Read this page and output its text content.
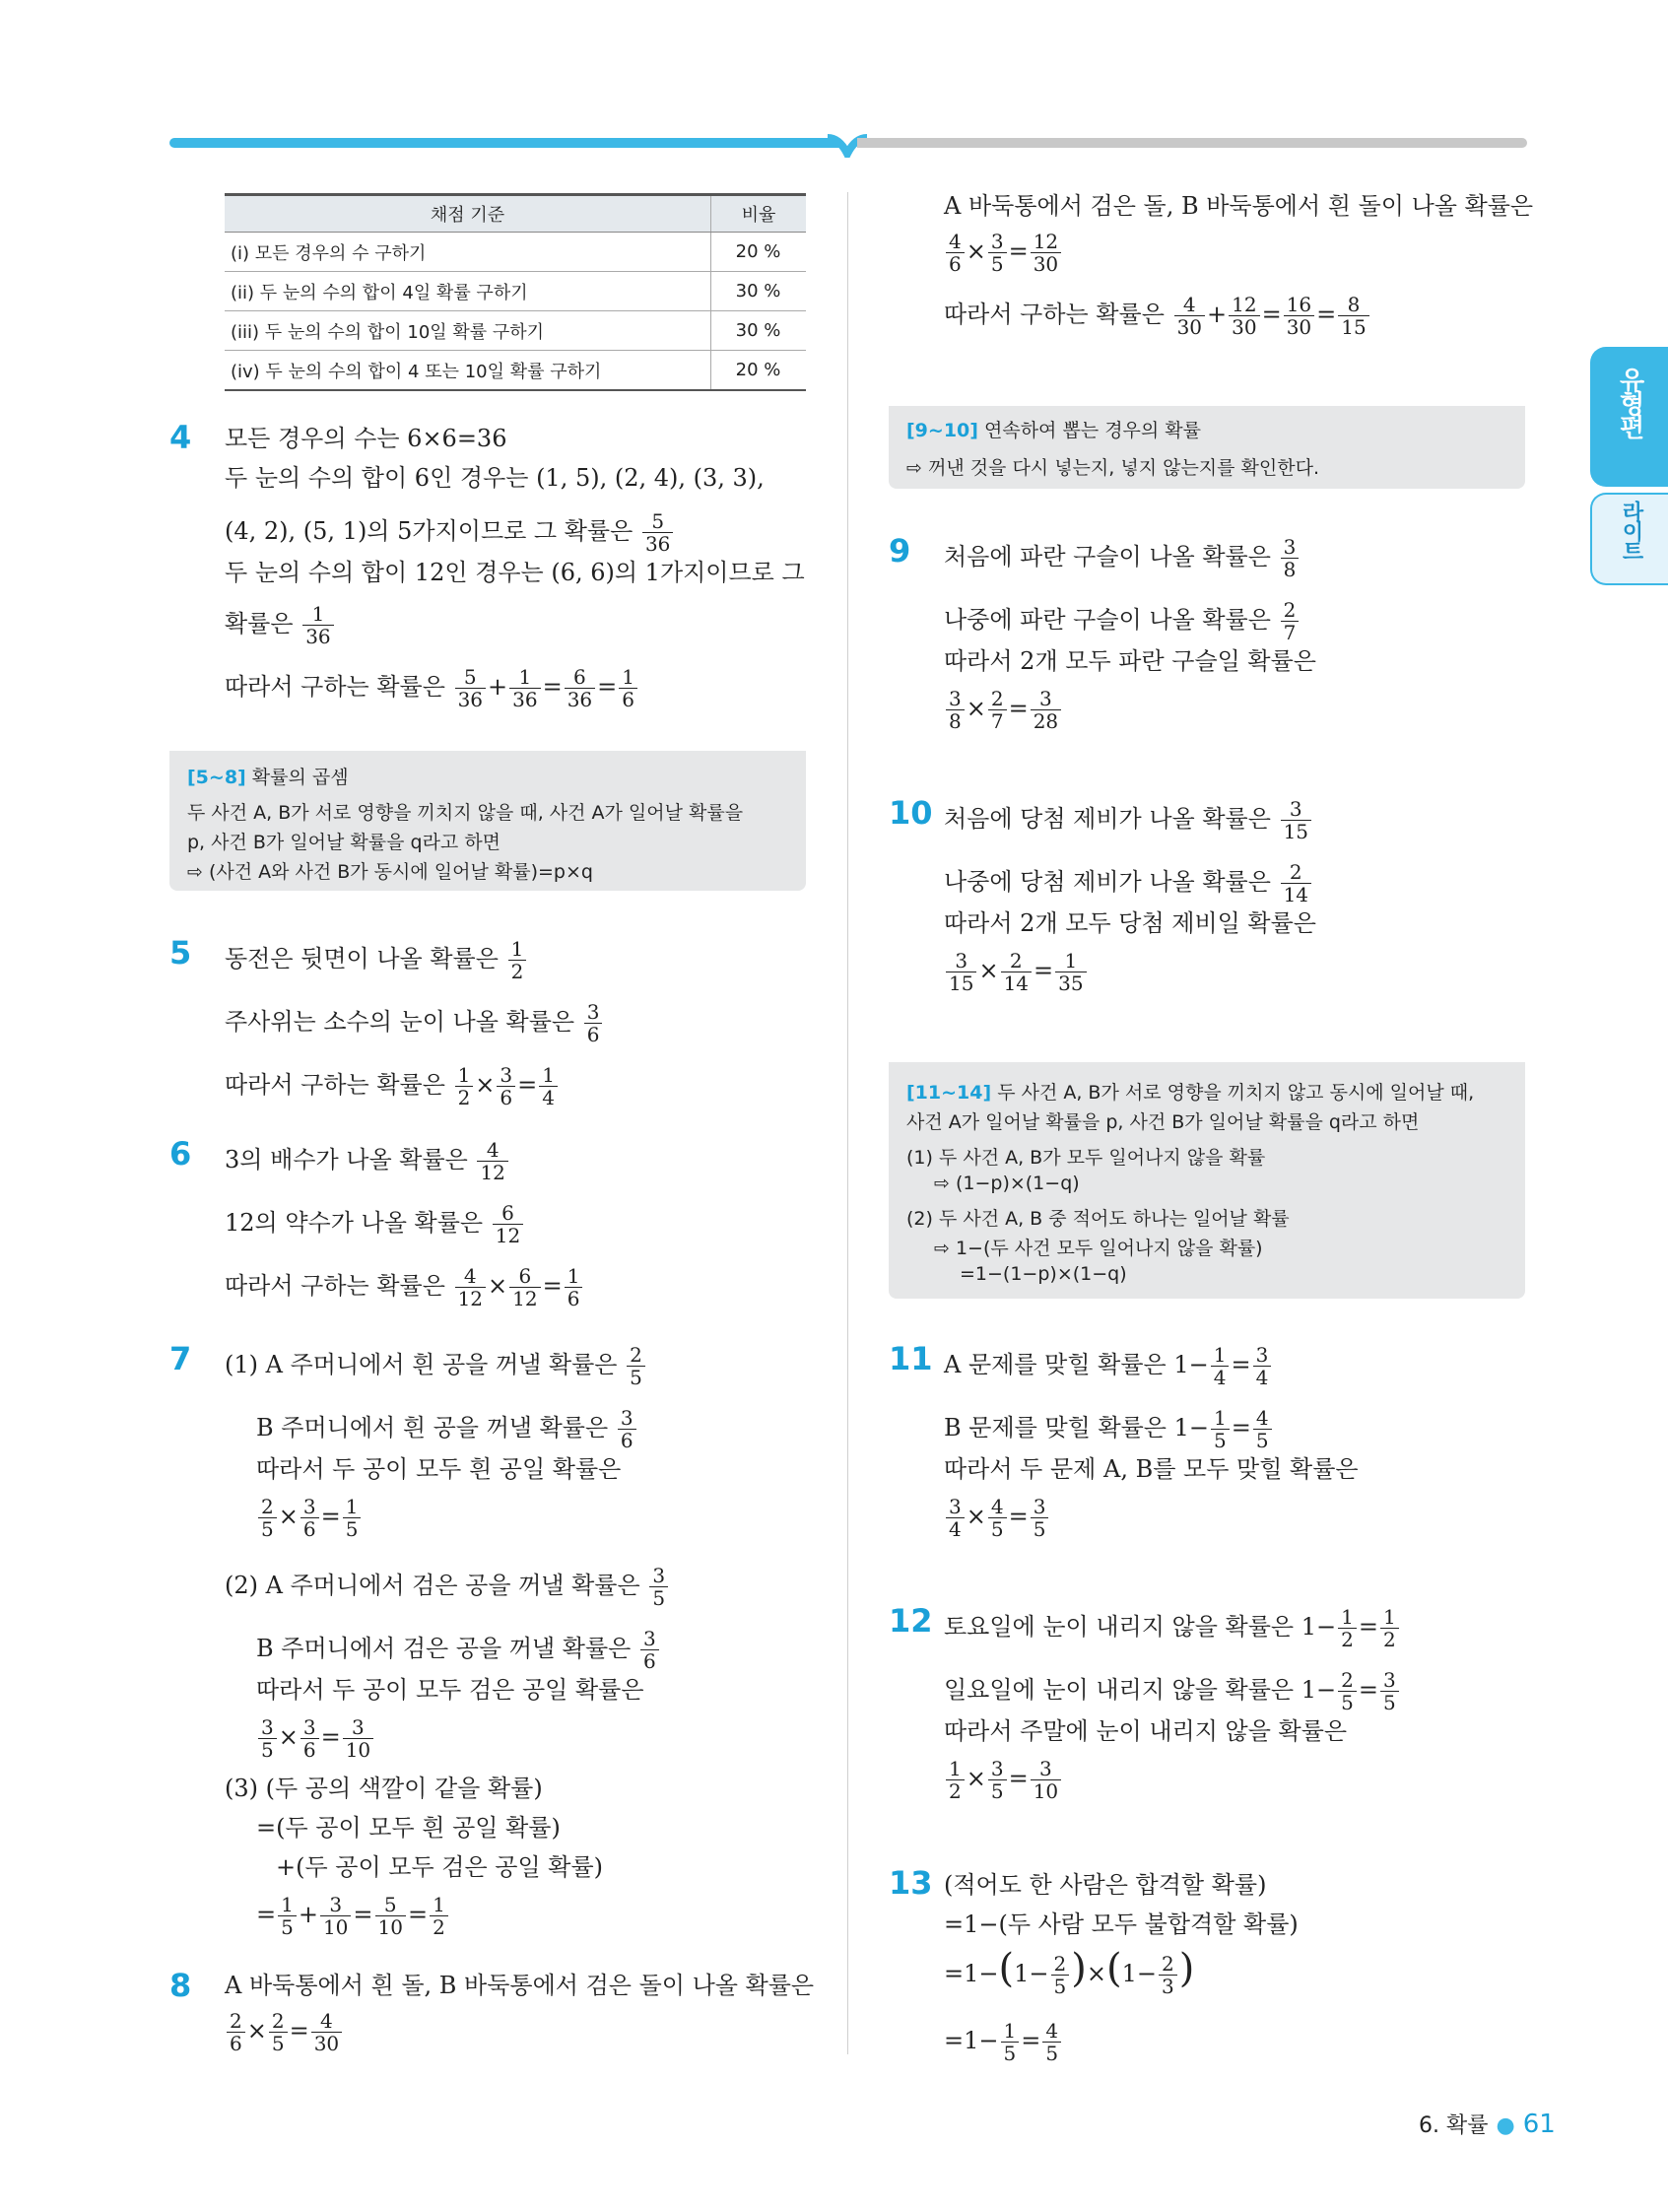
유형편
라이트
채점 기준	비율
(i) 모든 경우의 수 구하기	20 %
(ii) 두 눈의 수의 합이 4일 확률 구하기	30 %
(iii) 두 눈의 수의 합이 10일 확률 구하기	30 %
(iv) 두 눈의 수의 합이 4 또는 10일 확률 구하기	20 %
4 모든 경우의 수는 6×6=36
두 눈의 수의 합이 6인 경우는 (1, 5), (2, 4), (3, 3),
(4, 2), (5, 1)의 5가지이므로 그 확률은 $\frac{5}{36}$
두 눈의 수의 합이 12인 경우는 (6, 6)의 1가지이므로 그
확률은 $\frac{1}{36}$
따라서 구하는 확률은 $\frac{5}{36} + \frac{1}{36} = \frac{6}{36} = \frac{1}{6}$
[5~8] 확률의 곱셈
두 사건 A, B가 서로 영향을 끼치지 않을 때, 사건 A가 일어날 확률을
p, 사건 B가 일어날 확률을 q라고 하면
⇨ (사건 A와 사건 B가 동시에 일어날 확률)=p×q
5 동전은 뒷면이 나올 확률은 $\frac{1}{2}$
주사위는 소수의 눈이 나올 확률은 $\frac{3}{6}$
따라서 구하는 확률은 $\frac{1}{2} \times \frac{3}{6} = \frac{1}{4}$
6 3의 배수가 나올 확률은 $\frac{4}{12}$
12의 약수가 나올 확률은 $\frac{6}{12}$
따라서 구하는 확률은 $\frac{4}{12} \times \frac{6}{12} = \frac{1}{6}$
7 (1) A 주머니에서 흰 공을 꺼낼 확률은 $\frac{2}{5}$
B 주머니에서 흰 공을 꺼낼 확률은 $\frac{3}{6}$
따라서 두 공이 모두 흰 공일 확률은
$\frac{2}{5} \times \frac{3}{6} = \frac{1}{5}$
(2) A 주머니에서 검은 공을 꺼낼 확률은 $\frac{3}{5}$
B 주머니에서 검은 공을 꺼낼 확률은 $\frac{3}{6}$
따라서 두 공이 모두 검은 공일 확률은
$\frac{3}{5} \times \frac{3}{6} = \frac{3}{10}$
(3) (두 공의 색깔이 같을 확률)
=(두 공이 모두 흰 공일 확률)
+(두 공이 모두 검은 공일 확률)
= $\frac{1}{5} + \frac{3}{10} = \frac{5}{10} = \frac{1}{2}$
8 A 바둑통에서 흰 돌, B 바둑통에서 검은 돌이 나올 확률은
$\frac{2}{6} \times \frac{2}{5} = \frac{4}{30}$
A 바둑통에서 검은 돌, B 바둑통에서 흰 돌이 나올 확률은
$\frac{4}{6} \times \frac{3}{5} = \frac{12}{30}$
따라서 구하는 확률은 $\frac{4}{30} + \frac{12}{30} = \frac{16}{30} = \frac{8}{15}$
[9~10] 연속하여 뽑는 경우의 확률
⇨ 꺼낸 것을 다시 넣는지, 넣지 않는지를 확인한다.
9 처음에 파란 구슬이 나올 확률은 $\frac{3}{8}$
나중에 파란 구슬이 나올 확률은 $\frac{2}{7}$
따라서 2개 모두 파란 구슬일 확률은
$\frac{3}{8} \times \frac{2}{7} = \frac{3}{28}$
10 처음에 당첨 제비가 나올 확률은 $\frac{3}{15}$
나중에 당첨 제비가 나올 확률은 $\frac{2}{14}$
따라서 2개 모두 당첨 제비일 확률은
$\frac{3}{15} \times \frac{2}{14} = \frac{1}{35}$
[11~14] 두 사건 A, B가 서로 영향을 끼치지 않고 동시에 일어날 때,
사건 A가 일어날 확률을 p, 사건 B가 일어날 확률을 q라고 하면
(1) 두 사건 A, B가 모두 일어나지 않을 확률
⇨ (1−p)×(1−q)
(2) 두 사건 A, B 중 적어도 하나는 일어날 확률
⇨ 1−(두 사건 모두 일어나지 않을 확률)
=1−(1−p)×(1−q)
11 A 문제를 맞힐 확률은 $1- \frac{1}{4} = \frac{3}{4}$
B 문제를 맞힐 확률은 $1- \frac{1}{5} = \frac{4}{5}$
따라서 두 문제 A, B를 모두 맞힐 확률은
$\frac{3}{4} \times \frac{4}{5} = \frac{3}{5}$
12 토요일에 눈이 내리지 않을 확률은 $1- \frac{1}{2} = \frac{1}{2}$
일요일에 눈이 내리지 않을 확률은 $1- \frac{2}{5} = \frac{3}{5}$
따라서 주말에 눈이 내리지 않을 확률은
$\frac{1}{2} \times \frac{3}{5} = \frac{3}{10}$
13 (적어도 한 사람은 합격할 확률)
=1−(두 사람 모두 불합격할 확률)
$=1-(1- \frac{2}{5} )\times(1- \frac{2}{3}$ )
$=1- \frac{1}{5} = \frac{4}{5}$
6. 확률 ● 61
